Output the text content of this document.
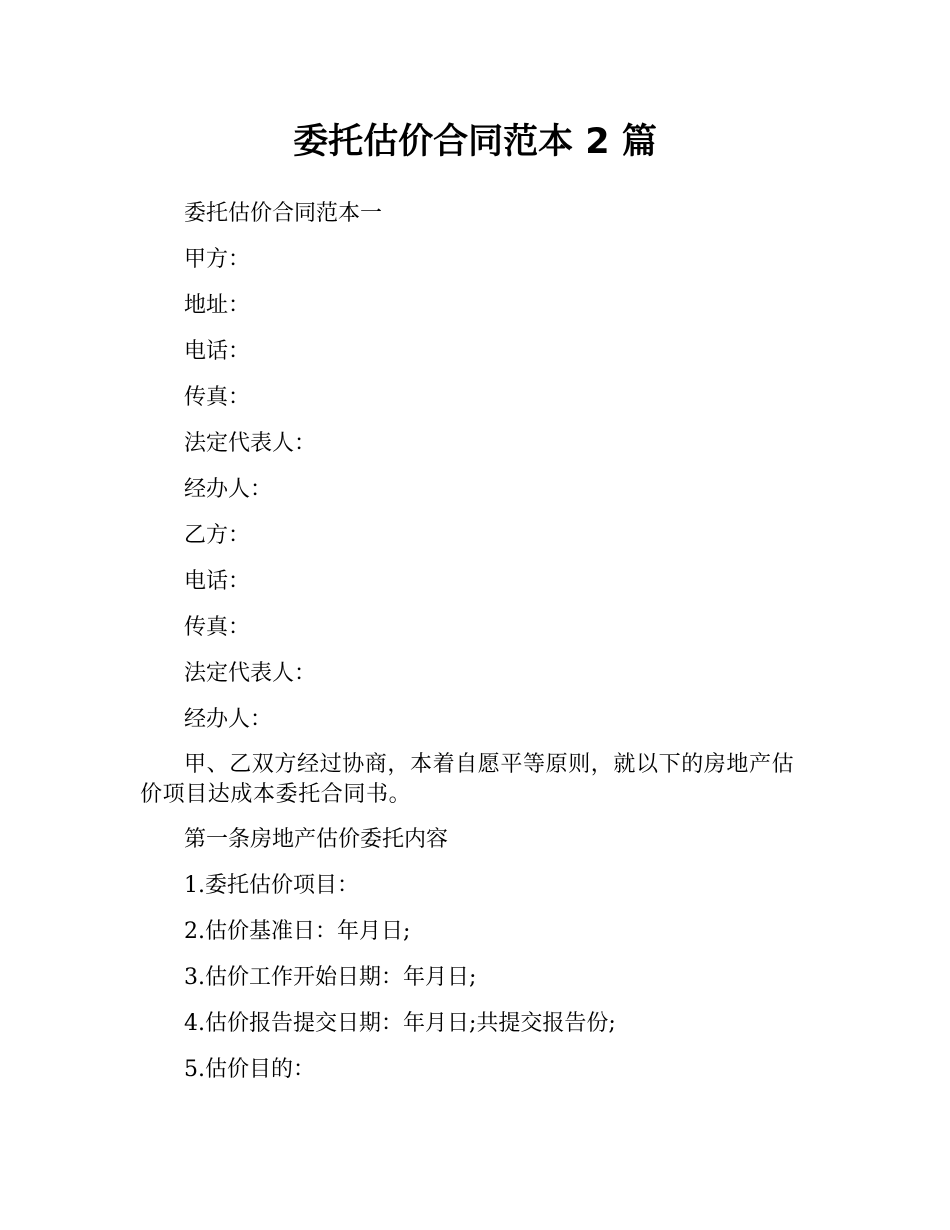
委托估价合同范本 2 篇

委托估价合同范本一

甲方：

地址：

电话：

传真：

法定代表人：

经办人：

乙方：

电话：

传真：

法定代表人：

经办人：

甲、乙双方经过协商，本着自愿平等原则，就以下的房地产估价项目达成本委托合同书。

第一条房地产估价委托内容

1.委托估价项目：

2.估价基准日：年月日;

3.估价工作开始日期：年月日;

4.估价报告提交日期：年月日;共提交报告份;

5.估价目的：
